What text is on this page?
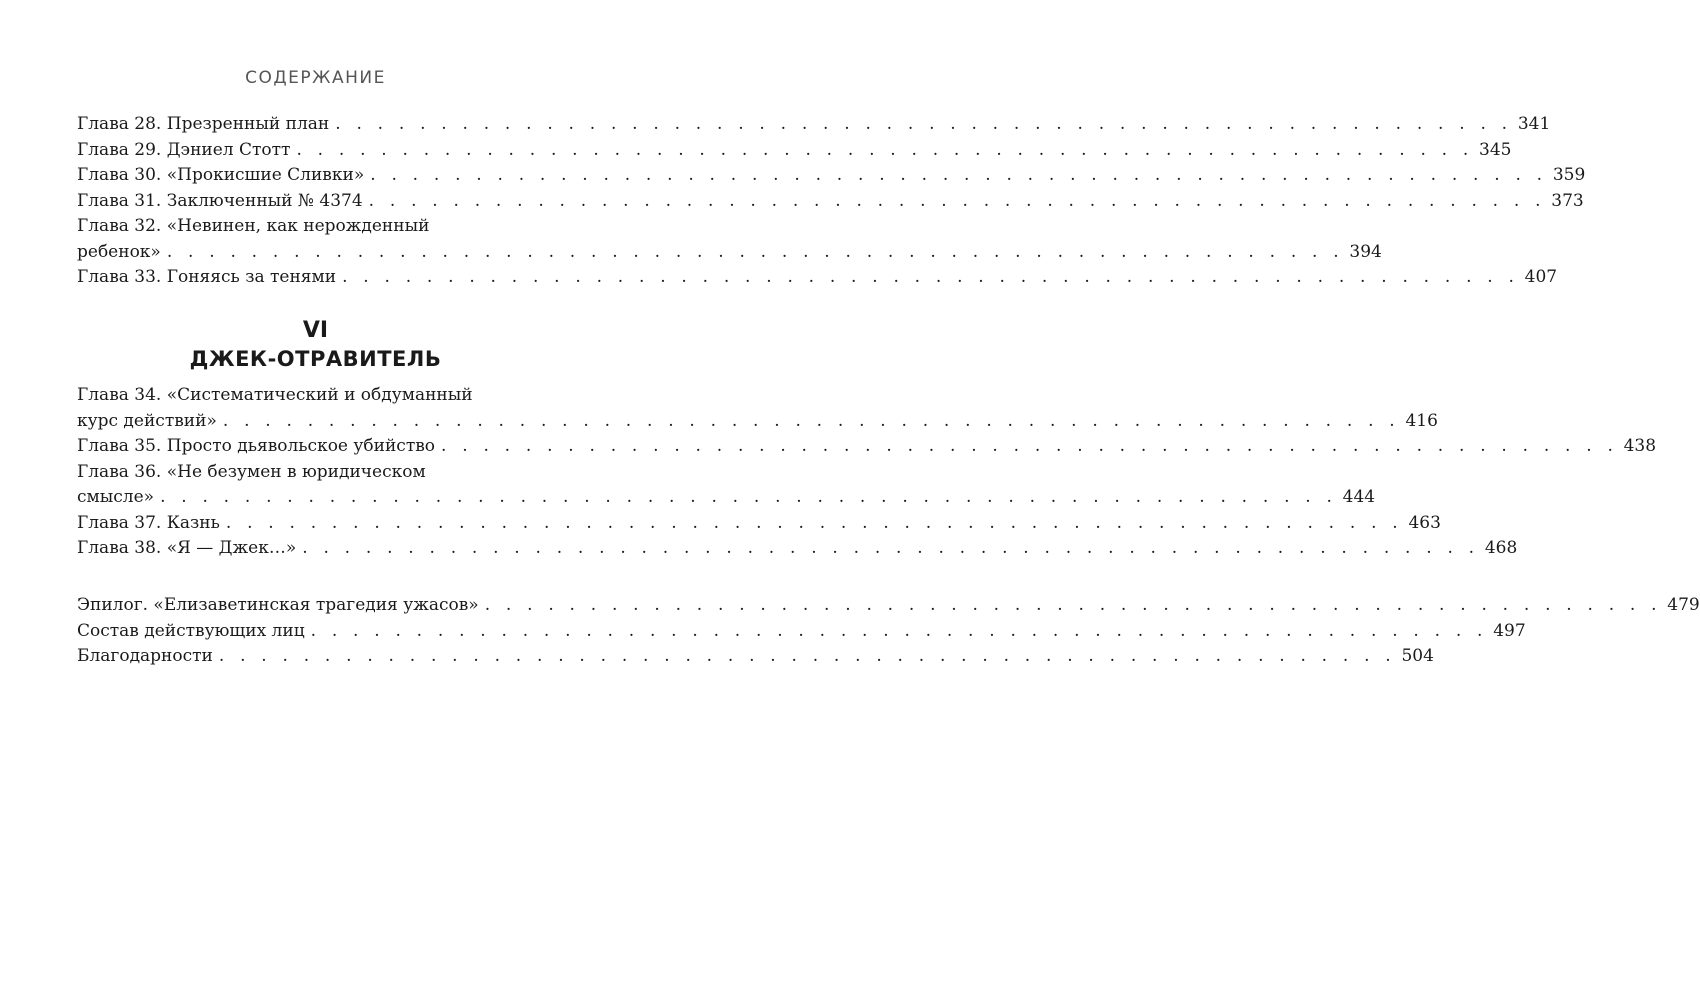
СОДЕРЖАНИЕ
Глава 28. Презренный план . . . . . . . . . . . . . . . . . . . . . . . . . . . . . . . . . . . . . . . . . . . . . . . . . . . . . . . . 341
Глава 29. Дэниел Стотт . . . . . . . . . . . . . . . . . . . . . . . . . . . . . . . . . . . . . . . . . . . . . . . . . . . . . . . . 345
Глава 30. «Прокисшие Сливки» . . . . . . . . . . . . . . . . . . . . . . . . . . . . . . . . . . . . . . . . . . . . . . . . . . . . . . . . 359
Глава 31. Заключенный № 4374 . . . . . . . . . . . . . . . . . . . . . . . . . . . . . . . . . . . . . . . . . . . . . . . . . . . . . . . . 373
Глава 32. «Невинен, как нерожденный
ребенок» . . . . . . . . . . . . . . . . . . . . . . . . . . . . . . . . . . . . . . . . . . . . . . . . . . . . . . . . 394
Глава 33. Гоняясь за тенями . . . . . . . . . . . . . . . . . . . . . . . . . . . . . . . . . . . . . . . . . . . . . . . . . . . . . . . . 407
VI
ДЖЕК-ОТРАВИТЕЛЬ
Глава 34. «Систематический и обдуманный
курс действий» . . . . . . . . . . . . . . . . . . . . . . . . . . . . . . . . . . . . . . . . . . . . . . . . . . . . . . . . 416
Глава 35. Просто дьявольское убийство . . . . . . . . . . . . . . . . . . . . . . . . . . . . . . . . . . . . . . . . . . . . . . . . . . . . . . . . 438
Глава 36. «Не безумен в юридическом
смысле» . . . . . . . . . . . . . . . . . . . . . . . . . . . . . . . . . . . . . . . . . . . . . . . . . . . . . . . . 444
Глава 37. Казнь . . . . . . . . . . . . . . . . . . . . . . . . . . . . . . . . . . . . . . . . . . . . . . . . . . . . . . . . 463
Глава 38. «Я — Джек…» . . . . . . . . . . . . . . . . . . . . . . . . . . . . . . . . . . . . . . . . . . . . . . . . . . . . . . . . 468
Эпилог. «Елизаветинская трагедия ужасов» . . . . . . . . . . . . . . . . . . . . . . . . . . . . . . . . . . . . . . . . . . . . . . . . . . . . . . . . 479
Состав действующих лиц . . . . . . . . . . . . . . . . . . . . . . . . . . . . . . . . . . . . . . . . . . . . . . . . . . . . . . . . 497
Благодарности . . . . . . . . . . . . . . . . . . . . . . . . . . . . . . . . . . . . . . . . . . . . . . . . . . . . . . . . 504
